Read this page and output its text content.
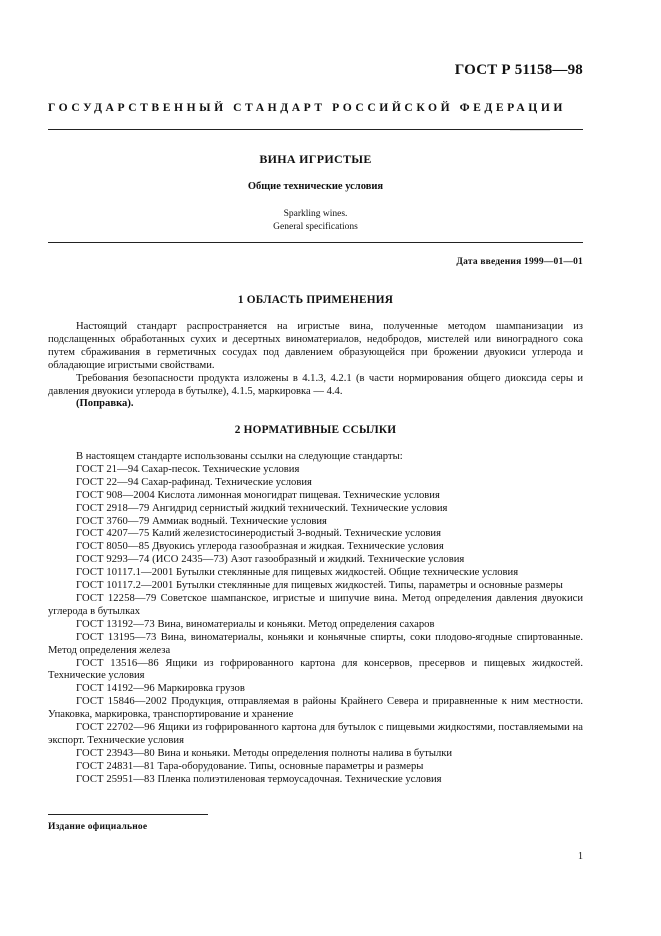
ГОСТ Р 51158—98
ГОСУДАРСТВЕННЫЙ СТАНДАРТ РОССИЙСКОЙ ФЕДЕРАЦИИ
ВИНА ИГРИСТЫЕ
Общие технические условия
Sparkling wines.
General specifications
Дата введения 1999—01—01
1 ОБЛАСТЬ ПРИМЕНЕНИЯ

Настоящий стандарт распространяется на игристые вина, полученные методом шампанизации из подслащенных обработанных сухих и десертных виноматериалов, недобродов, мистелей или виноградного сока путем сбраживания в герметичных сосудах под давлением образующейся при брожении двуокиси углерода и обладающие игристыми свойствами.

Требования безопасности продукта изложены в 4.1.3, 4.2.1 (в части нормирования общего диоксида серы и давления двуокиси углерода в бутылке), 4.1.5, маркировка — 4.4.

(Поправка).

2 НОРМАТИВНЫЕ ССЫЛКИ

В настоящем стандарте использованы ссылки на следующие стандарты:

ГОСТ 21—94 Сахар-песок. Технические условия
ГОСТ 22—94 Сахар-рафинад. Технические условия
ГОСТ 908—2004 Кислота лимонная моногидрат пищевая. Технические условия
ГОСТ 2918—79 Ангидрид сернистый жидкий технический. Технические условия
ГОСТ 3760—79 Аммиак водный. Технические условия
ГОСТ 4207—75 Калий железистосинеродистый 3-водный. Технические условия
ГОСТ 8050—85 Двуокись углерода газообразная и жидкая. Технические условия
ГОСТ 9293—74 (ИСО 2435—73) Азот газообразный и жидкий. Технические условия
ГОСТ 10117.1—2001 Бутылки стеклянные для пищевых жидкостей. Общие технические условия
ГОСТ 10117.2—2001 Бутылки стеклянные для пищевых жидкостей. Типы, параметры и основные размеры
ГОСТ 12258—79 Советское шампанское, игристые и шипучие вина. Метод определения давления двуокиси углерода в бутылках
ГОСТ 13192—73 Вина, виноматериалы и коньяки. Метод определения сахаров
ГОСТ 13195—73 Вина, виноматериалы, коньяки и коньячные спирты, соки плодово-ягодные спиртованные. Метод определения железа
ГОСТ 13516—86 Ящики из гофрированного картона для консервов, пресервов и пищевых жидкостей. Технические условия
ГОСТ 14192—96 Маркировка грузов
ГОСТ 15846—2002 Продукция, отправляемая в районы Крайнего Севера и приравненные к ним местности. Упаковка, маркировка, транспортирование и хранение
ГОСТ 22702—96 Ящики из гофрированного картона для бутылок с пищевыми жидкостями, поставляемыми на экспорт. Технические условия
ГОСТ 23943—80 Вина и коньяки. Методы определения полноты налива в бутылки
ГОСТ 24831—81 Тара-оборудование. Типы, основные параметры и размеры
ГОСТ 25951—83 Пленка полиэтиленовая термоусадочная. Технические условия
Издание официальное
1
